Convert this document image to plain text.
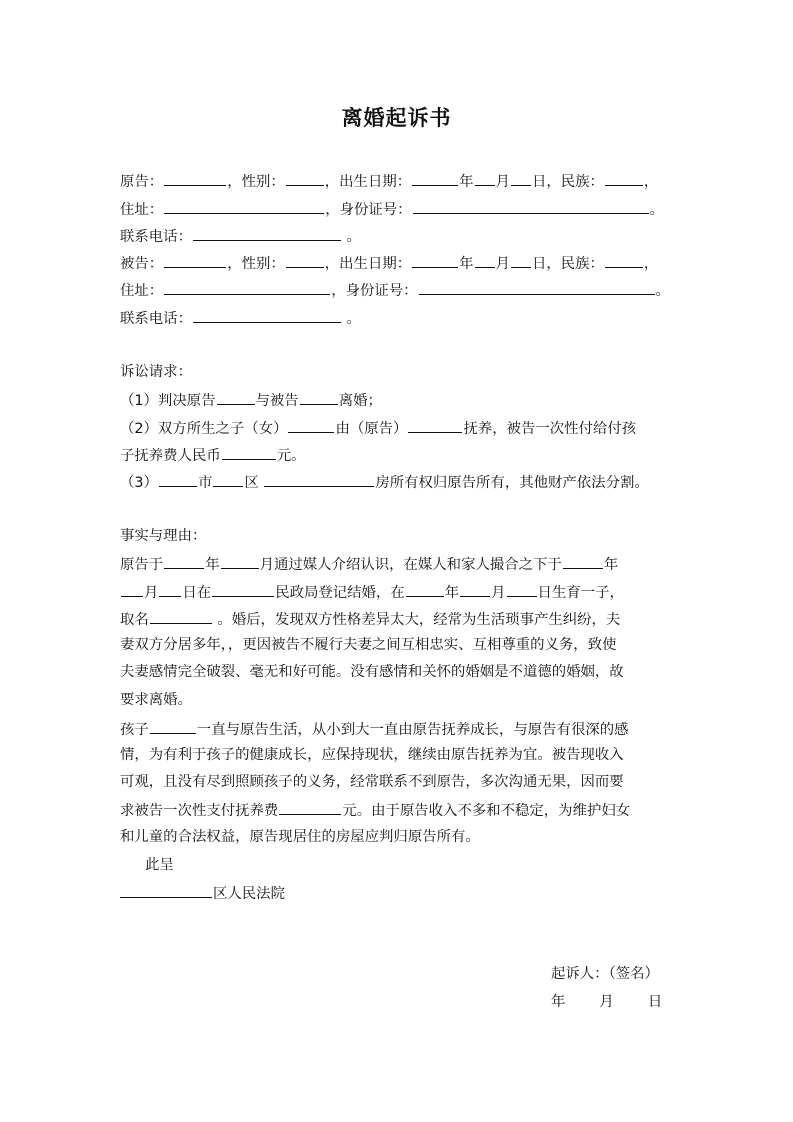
离婚起诉书
原告：	，性别：	，出生日期：	年 月 日，民族：	，
住址：	，身份证号：	。
联系电话：	。
被告：	，性别：	，出生日期：	年 月 日，民族：	，
住址：	，身份证号：	。
联系电话：	。
诉讼请求：
（1）判决原告	与被告	离婚；
（2）双方所生之子（女）	由（原告）	抚养，被告一次性付给付孩
子抚养费人民币	元。
（3）	市 区	房所有权归原告所有，其他财产依法分割。
事实与理由：
原告于	年	月通过媒人介绍认识，在媒人和家人撮合之下于	年
月 日在	民政局登记结婚，在	年 月 日生育一子，
取名	。婚后，发现双方性格差异太大，经常为生活琐事产生纠纷，夫
妻双方分居多年，，更因被告不履行夫妻之间互相忠实、互相尊重的义务，致使
夫妻感情完全破裂、毫无和好可能。没有感情和关怀的婚姻是不道德的婚姻，故
要求离婚。
孩子	一直与原告生活，从小到大一直由原告抚养成长，与原告有很深的感
情，为有利于孩子的健康成长，应保持现状，继续由原告抚养为宜。被告现收入
可观，且没有尽到照顾孩子的义务，经常联系不到原告，多次沟通无果，因而要
求被告一次性支付抚养费	元。由于原告收入不多和不稳定，为维护妇女
和儿童的合法权益，原告现居住的房屋应判归原告所有。
此呈
区人民法院
起诉人：（签名）
年 月 日
